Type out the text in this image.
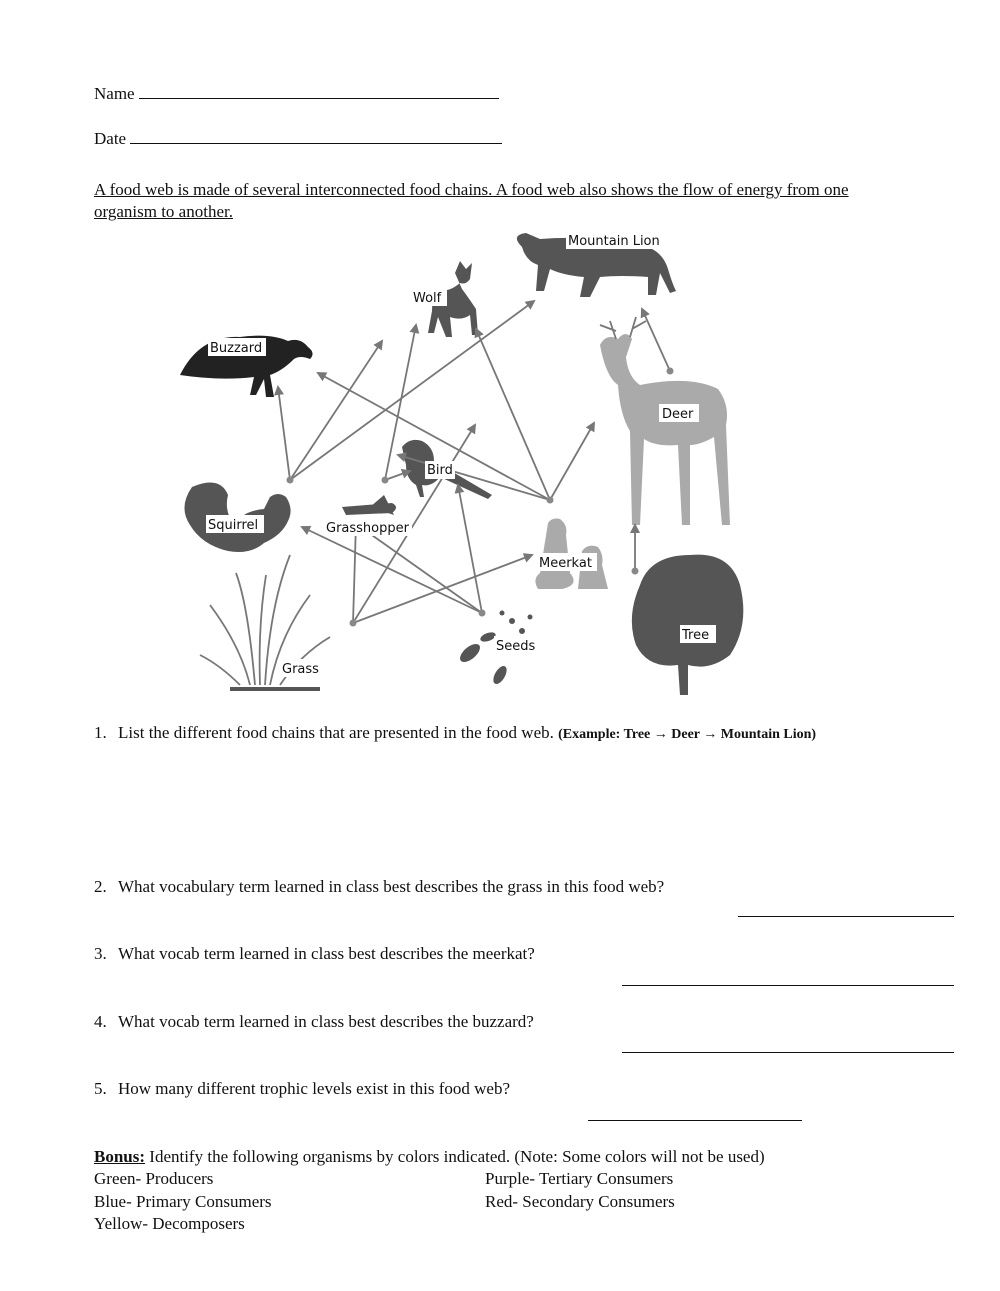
Name
Date
A food web is made of several interconnected food chains. A food web also shows the flow of energy from one organism to another.
Mountain Lion
Wolf
Buzzard
Deer
Bird
Squirrel	Grasshopper
Meerkat
Tree
Seeds
Grass
1. List the different food chains that are presented in the food web. (Example: Tree → Deer → Mountain Lion)
2. What vocabulary term learned in class best describes the grass in this food web?
3. What vocab term learned in class best describes the meerkat?
4. What vocab term learned in class best describes the buzzard?
5. How many different trophic levels exist in this food web?
Bonus: Identify the following organisms by colors indicated. (Note: Some colors will not be used)
Green- Producers
Blue- Primary Consumers
Yellow- Decomposers
Purple- Tertiary Consumers
Red- Secondary Consumers
